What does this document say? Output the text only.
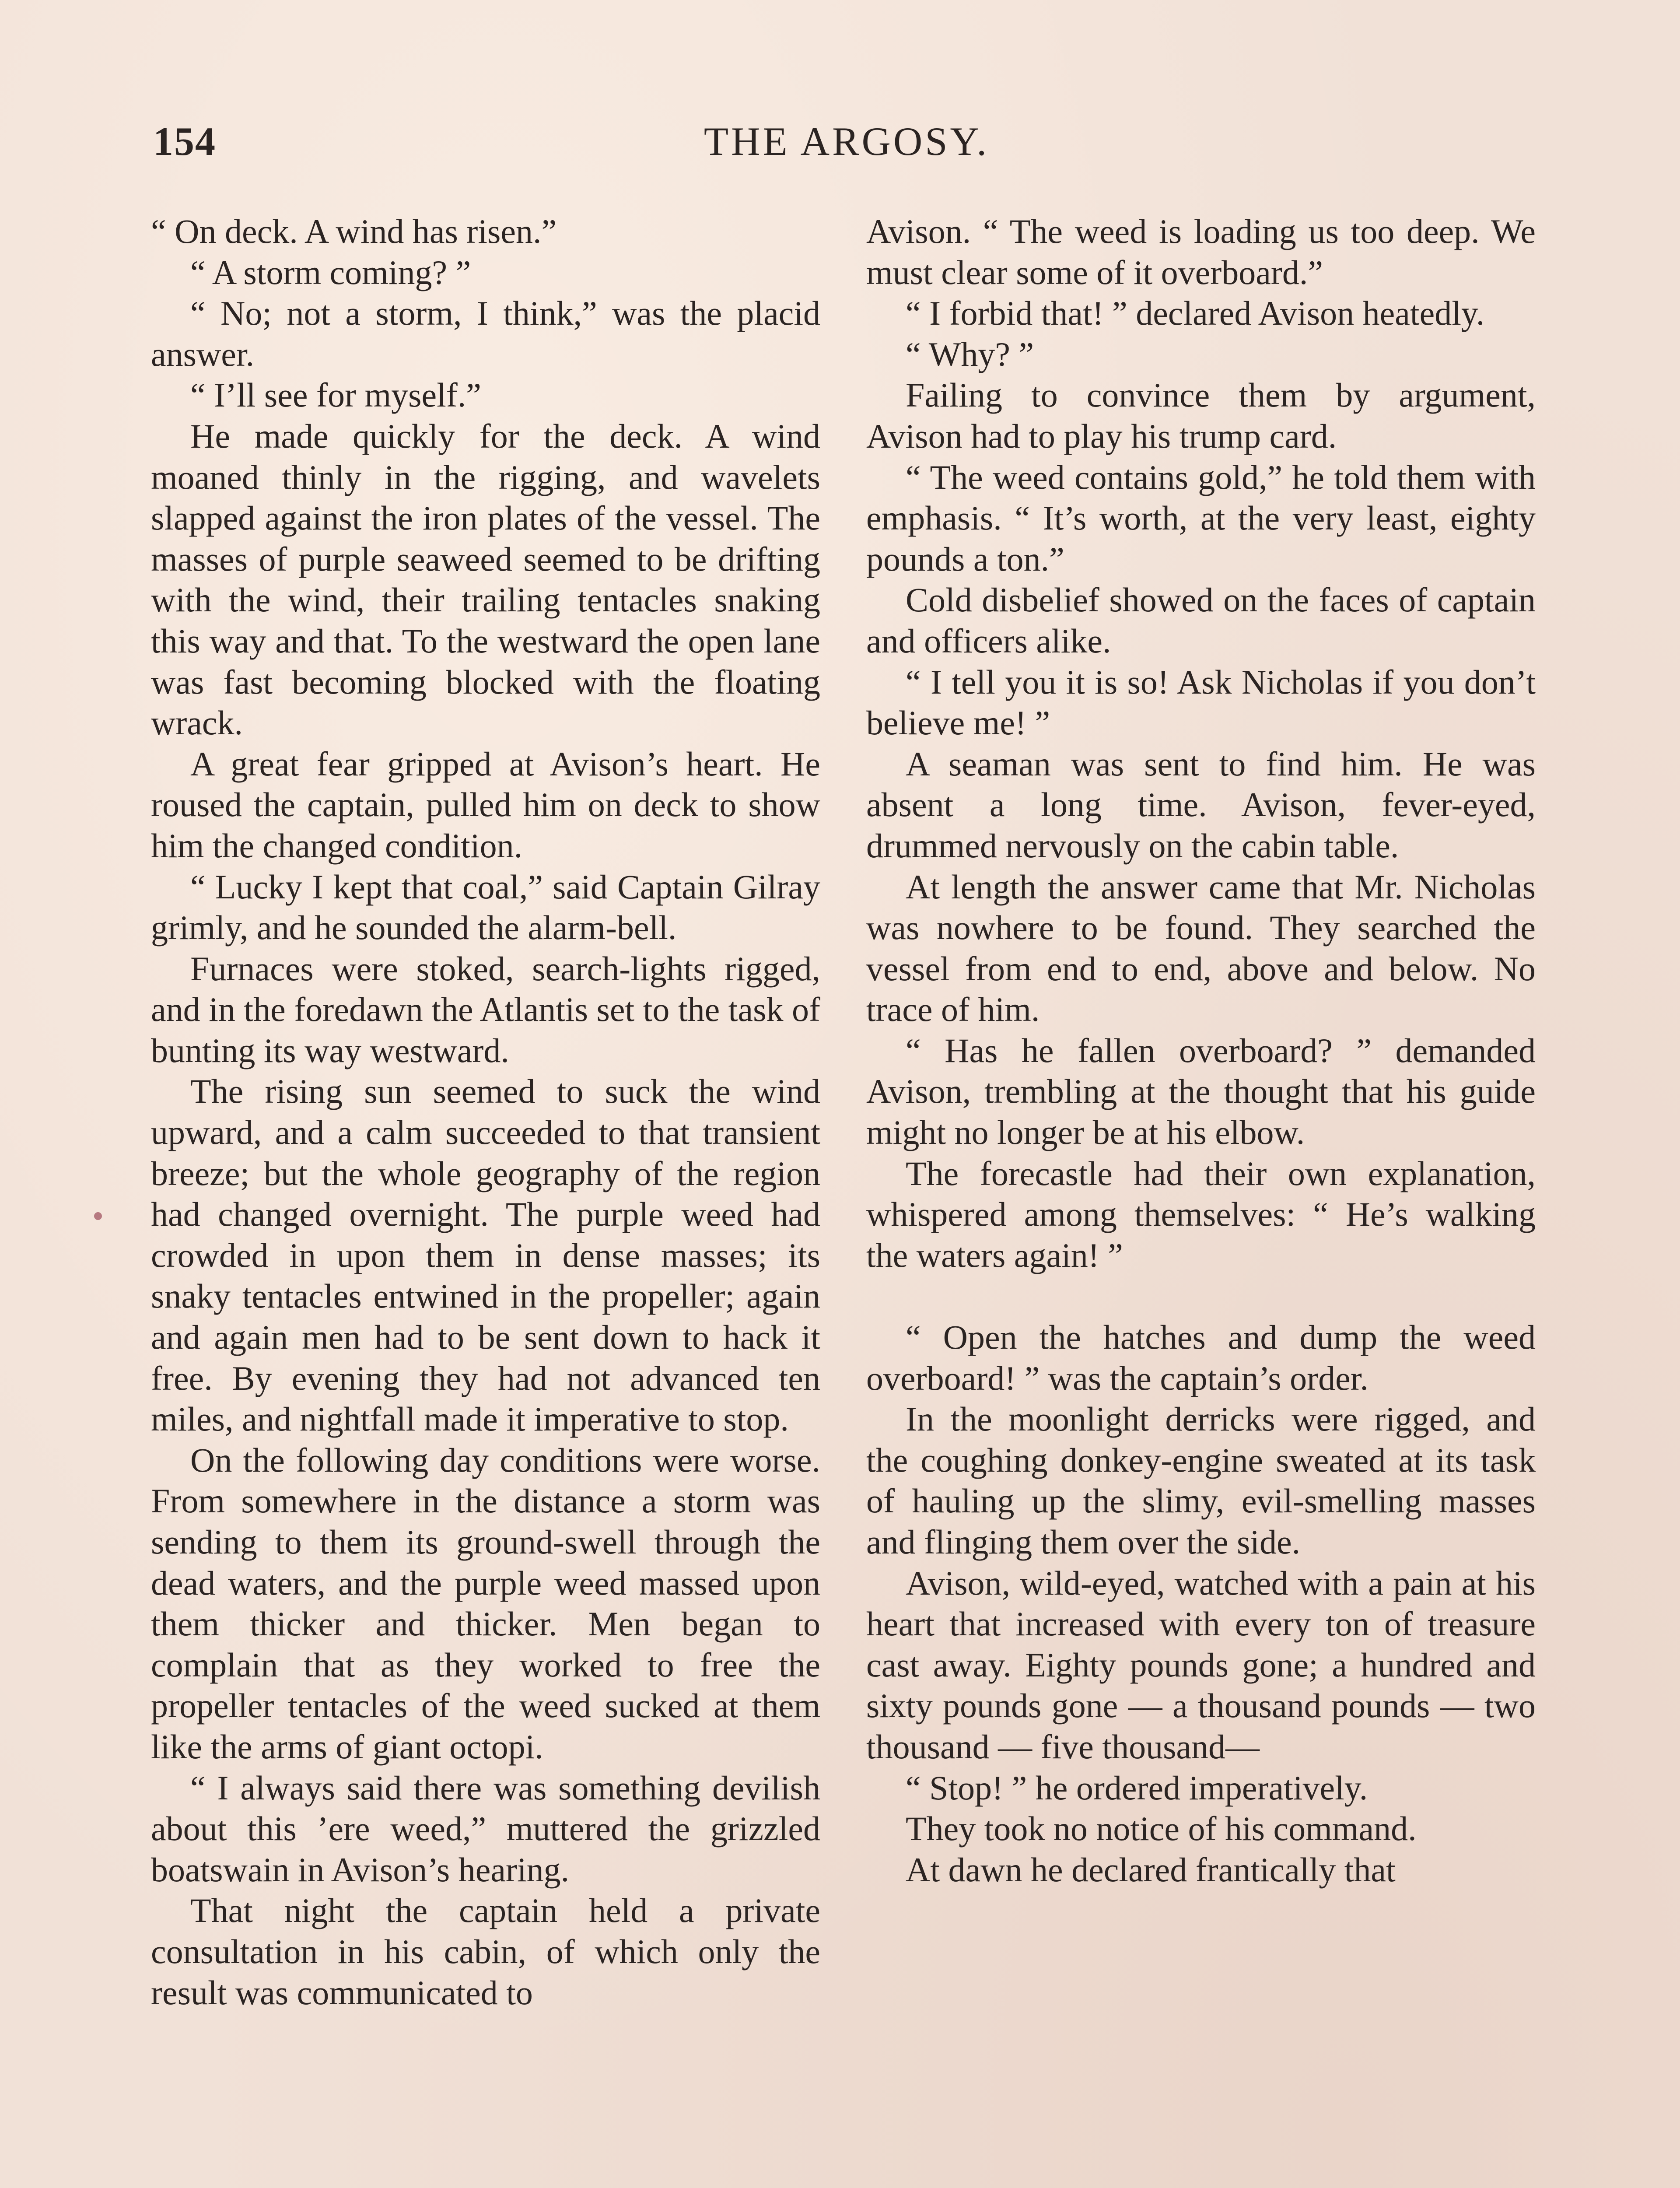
154	THE ARGOSY.

“ On deck. A wind has risen.”

“ A storm coming? ”

“ No; not a storm, I think,” was the placid answer.

“ I’ll see for myself.”

He made quickly for the deck. A wind moaned thinly in the rigging, and wavelets slapped against the iron plates of the vessel. The masses of purple seaweed seemed to be drifting with the wind, their trailing tentacles snaking this way and that. To the westward the open lane was fast becoming blocked with the floating wrack.

A great fear gripped at Avison’s heart. He roused the captain, pulled him on deck to show him the changed condition.

“ Lucky I kept that coal,” said Captain Gilray grimly, and he sounded the alarm-bell.

Furnaces were stoked, search-lights rigged, and in the foredawn the Atlantis set to the task of bunting its way westward.

The rising sun seemed to suck the wind upward, and a calm succeeded to that transient breeze; but the whole geography of the region had changed overnight. The purple weed had crowded in upon them in dense masses; its snaky tentacles entwined in the propeller; again and again men had to be sent down to hack it free. By evening they had not advanced ten miles, and nightfall made it imperative to stop.

On the following day conditions were worse. From somewhere in the distance a storm was sending to them its ground-swell through the dead waters, and the purple weed massed upon them thicker and thicker. Men began to complain that as they worked to free the propeller tentacles of the weed sucked at them like the arms of giant octopi.

“ I always said there was something devilish about this ’ere weed,” muttered the grizzled boatswain in Avison’s hearing.

That night the captain held a private consultation in his cabin, of which only the result was communicated to

Avison. “ The weed is loading us too deep. We must clear some of it overboard.”

“ I forbid that! ” declared Avison heatedly.

“ Why? ”

Failing to convince them by argument, Avison had to play his trump card.

“ The weed contains gold,” he told them with emphasis. “ It’s worth, at the very least, eighty pounds a ton.”

Cold disbelief showed on the faces of captain and officers alike.

“ I tell you it is so! Ask Nicholas if you don’t believe me! ”

A seaman was sent to find him. He was absent a long time. Avison, fever-eyed, drummed nervously on the cabin table.

At length the answer came that Mr. Nicholas was nowhere to be found. They searched the vessel from end to end, above and below. No trace of him.

“ Has he fallen overboard? ” demanded Avison, trembling at the thought that his guide might no longer be at his elbow.

The forecastle had their own explanation, whispered among themselves: “ He’s walking the waters again! ”

“ Open the hatches and dump the weed overboard! ” was the captain’s order.

In the moonlight derricks were rigged, and the coughing donkey-engine sweated at its task of hauling up the slimy, evil-smelling masses and flinging them over the side.

Avison, wild-eyed, watched with a pain at his heart that increased with every ton of treasure cast away. Eighty pounds gone; a hundred and sixty pounds gone — a thousand pounds — two thousand — five thousand—

“ Stop! ” he ordered imperatively.

They took no notice of his command.

At dawn he declared frantically that
